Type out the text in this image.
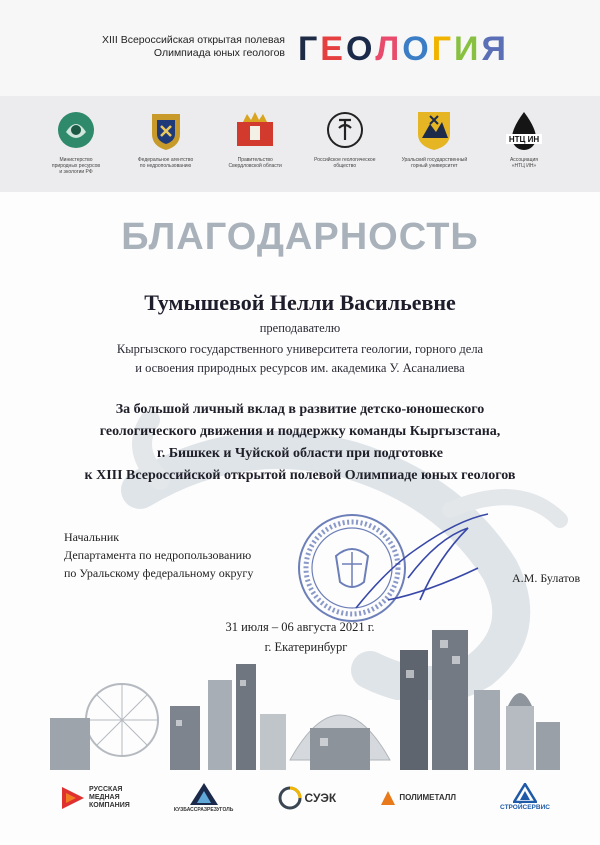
XIII Всероссийская открытая полевая
Олимпиада юных геологов Г Е О Л О Г И Я
Министерство
природных ресурсов
и экологии РФ
Федеральное агентство
по недропользованию
Правительство
Свердловской области
Российское геологическое
общество
Уральский государственный
горный университет
НТЦ ИН
Ассоциация
«НТЦ ИН»
БЛАГОДАРНОСТЬ
Тумышевой Нелли Васильевне
преподавателю
Кыргызского государственного университета геологии, горного дела
и освоения природных ресурсов им. академика У. Асаналиева
За большой личный вклад в развитие детско-юношеского
геологического движения и поддержку команды Кыргызстана,
г. Бишкек и Чуйской области при подготовке
к XIII Всероссийской открытой полевой Олимпиаде юных геологов
Начальник
Департамента по недропользованию
по Уральскому федеральному округу	А.М. Булатов
31 июля – 06 августа 2021 г.
г. Екатеринбург
РУССКАЯ
МЕДНАЯ
КОМПАНИЯ
КУЗБАССРАЗРЕЗУГОЛЬ
СУЭК	ПОЛИМЕТАЛЛ
СТРОЙСЕРВИС
